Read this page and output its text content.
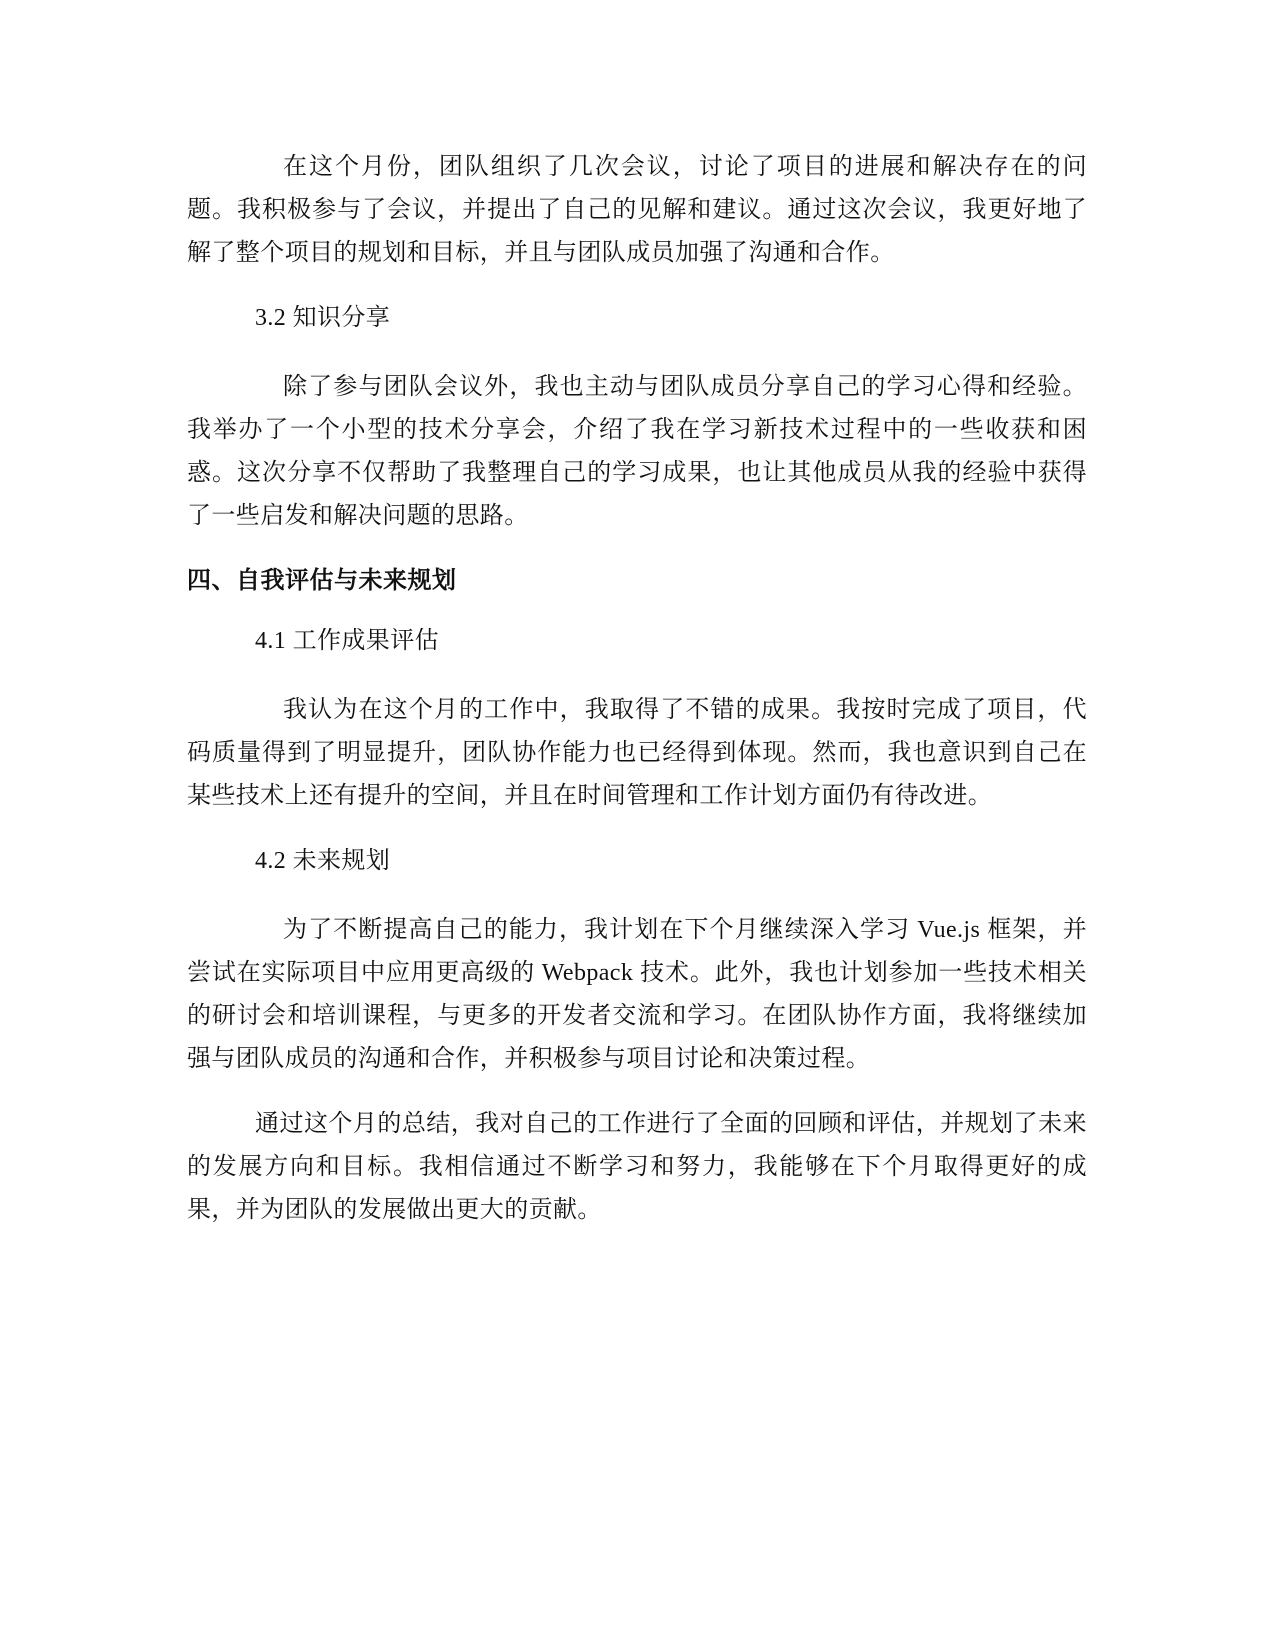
在这个月份，团队组织了几次会议，讨论了项目的进展和解决存在的问题。我积极参与了会议，并提出了自己的见解和建议。通过这次会议，我更好地了解了整个项目的规划和目标，并且与团队成员加强了沟通和合作。

3.2 知识分享

除了参与团队会议外，我也主动与团队成员分享自己的学习心得和经验。我举办了一个小型的技术分享会，介绍了我在学习新技术过程中的一些收获和困惑。这次分享不仅帮助了我整理自己的学习成果，也让其他成员从我的经验中获得了一些启发和解决问题的思路。

四、自我评估与未来规划

4.1 工作成果评估

我认为在这个月的工作中，我取得了不错的成果。我按时完成了项目，代码质量得到了明显提升，团队协作能力也已经得到体现。然而，我也意识到自己在某些技术上还有提升的空间，并且在时间管理和工作计划方面仍有待改进。

4.2 未来规划

为了不断提高自己的能力，我计划在下个月继续深入学习 Vue.js 框架，并尝试在实际项目中应用更高级的 Webpack 技术。此外，我也计划参加一些技术相关的研讨会和培训课程，与更多的开发者交流和学习。在团队协作方面，我将继续加强与团队成员的沟通和合作，并积极参与项目讨论和决策过程。

通过这个月的总结，我对自己的工作进行了全面的回顾和评估，并规划了未来的发展方向和目标。我相信通过不断学习和努力，我能够在下个月取得更好的成果，并为团队的发展做出更大的贡献。
